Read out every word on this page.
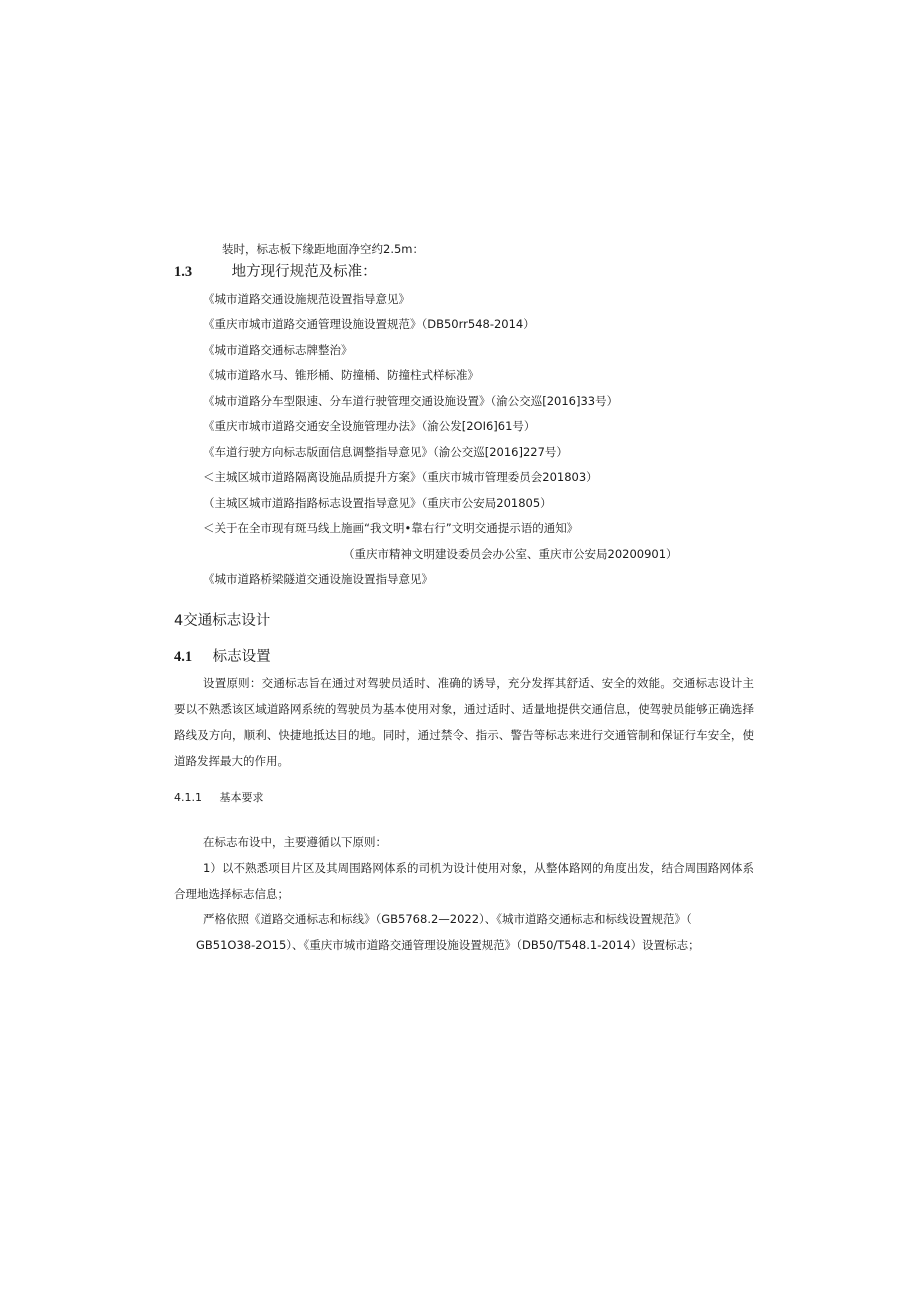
装时，标志板下缘距地面净空约2.5m：
1.3	地方现行规范及标准：
《城市道路交通设施规范设置指导意见》
《重庆市城市道路交通管理设施设置规范》（DB50rr548-2014）
《城市道路交通标志牌整治》
《城市道路水马、锥形桶、防撞桶、防撞柱式样标准》
《城市道路分车型限速、分车道行驶管理交通设施设置》（渝公交巡[2016]33号）
《重庆市城市道路交通安全设施管理办法》（渝公发[2OI6]61号）
《车道行驶方向标志版面信息调整指导意见》（渝公交巡[2016]227号）
＜主城区城市道路隔离设施品质提升方案》（重庆市城市管理委员会201803）
（主城区城市道路指路标志设置指导意见》（重庆市公安局201805）
＜关于在全市现有斑马线上施画“我文明•靠右行”文明交通提示语的通知》
（重庆市精神文明建设委员会办公室、重庆市公安局20200901）
《城市道路桥梁隧道交通设施设置指导意见》
4交通标志设计
4.1 标志设置
设置原则：交通标志旨在通过对驾驶员适时、准确的诱导，充分发挥其舒适、安全的效能。交通标志设计主要以不熟悉该区域道路网系统的驾驶员为基本使用对象，通过适时、适量地提供交通信息，使驾驶员能够正确选择路线及方向，顺利、快捷地抵达目的地。同时，通过禁令、指示、警告等标志来进行交通管制和保证行车安全，使道路发挥最大的作用。
4.1.1 基本要求
在标志布设中，主要遵循以下原则：
1）以不熟悉项目片区及其周围路网体系的司机为设计使用对象，从整体路网的角度出发，结合周围路网体系合理地选择标志信息；
严格依照《道路交通标志和标线》（GB5768.2—2022）、《城市道路交通标志和标线设置规范》（
GB51O38-2O15）、《重庆市城市道路交通管理设施设置规范》（DB50/T548.1-2014）设置标志；
